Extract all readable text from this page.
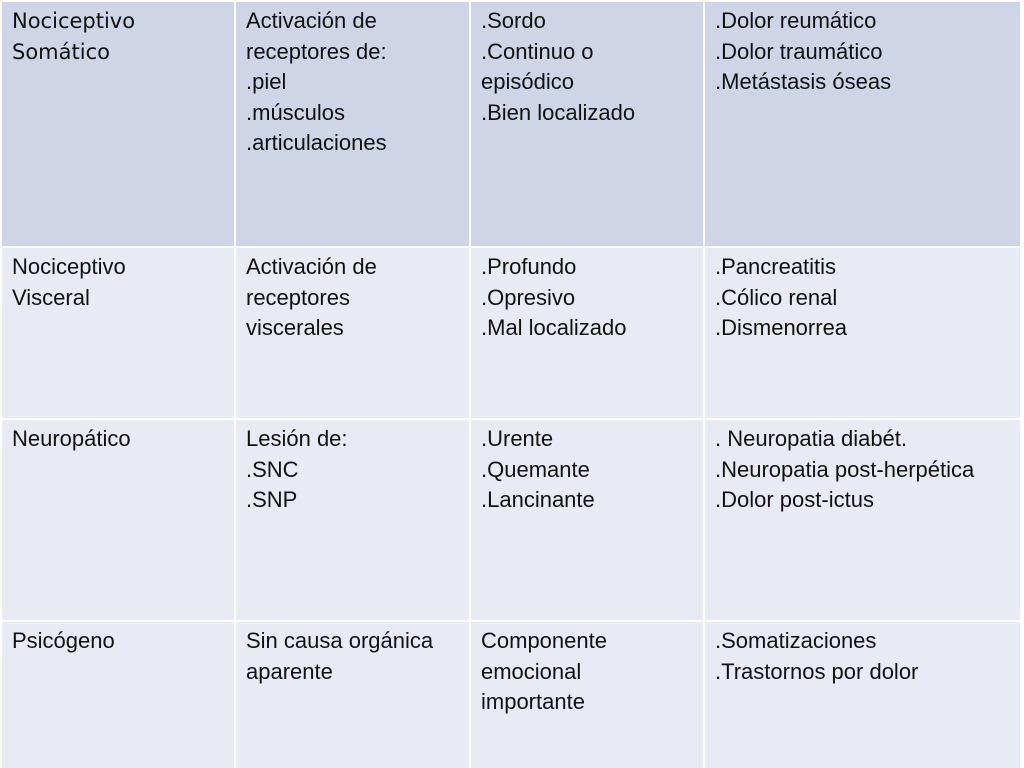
Nociceptivo
Somático	Activación de
receptores de:
.piel
.músculos
.articulaciones	.Sordo
.Continuo o
episódico
.Bien localizado	.Dolor reumático
.Dolor traumático
.Metástasis óseas

Nociceptivo
Visceral	Activación de
receptores
viscerales	.Profundo
.Opresivo
.Mal localizado	.Pancreatitis
.Cólico renal
.Dismenorrea

Neuropático	Lesión de:
.SNC
.SNP	.Urente
.Quemante
.Lancinante	. Neuropatia diabét.
.Neuropatia post-herpética
.Dolor post-ictus

Psicógeno	Sin causa orgánica
aparente	Componente
emocional
importante	.Somatizaciones
.Trastornos por dolor
